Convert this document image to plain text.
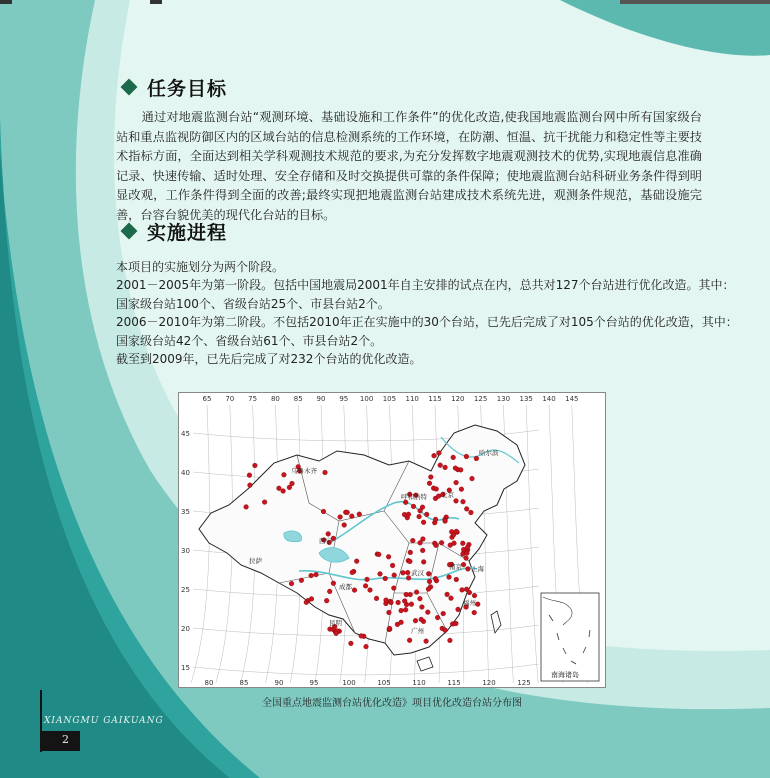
任务目标
通过对地震监测台站“观测环境、基础设施和工作条件”的优化改造,使我国地震监测台网中所有国家级台站和重点监视防御区内的区域台站的信息检测系统的工作环境，在防潮、恒温、抗干扰能力和稳定性等主要技术指标方面，全面达到相关学科观测技术规范的要求,为充分发挥数字地震观测技术的优势,实现地震信息准确记录、快速传输、适时处理、安全存储和及时交换提供可靠的条件保障；使地震监测台站科研业务条件得到明显改观，工作条件得到全面的改善;最终实现把地震监测台站建成技术系统先进，观测条件规范，基础设施完善，台容台貌优美的现代化台站的目标。
实施进程
本项目的实施划分为两个阶段。
2001－2005年为第一阶段。包括中国地震局2001年自主安排的试点在内，总共对127个台站进行优化改造。其中：
国家级台站100个、省级台站25个、市县台站2个。
2006－2010年为第二阶段。不包括2010年正在实施中的30个台站，已先后完成了对105个台站的优化改造，其中：
国家级台站42个、省级台站61个、市县台站2个。
截至到2009年，已先后完成了对232个台站的优化改造。
65 70 75 80 85 90 95 100 105 110 115 120 125 130 135 140 145
80	85	90	95	100	105	110	115	120	125
45
40
35
30
25
20
15
乌鲁木齐
哈尔滨
呼和浩特 北京
西宁
拉萨
成都
武汉
南京 上海
广州
昆明
福州
南海诸岛
全国重点地震监测台站优化改造》项目优化改造台站分布图
XIANGMU GAIKUANG
2
